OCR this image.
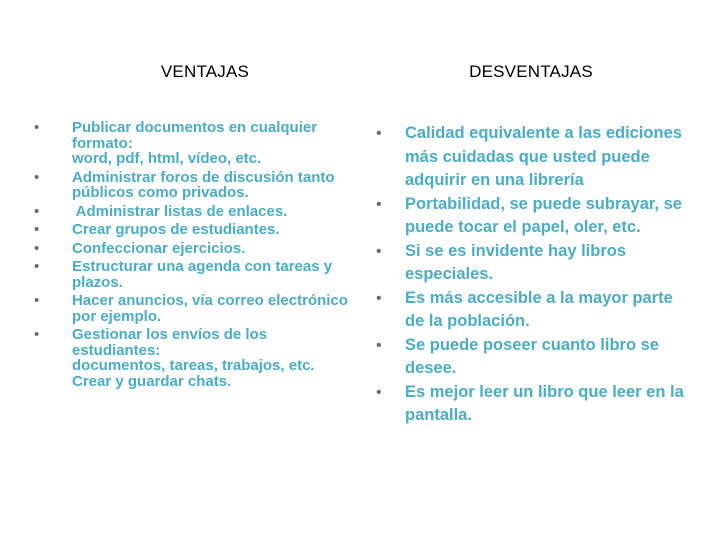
VENTAJAS	DESVENTAJAS
• Publicar documentos en cualquier formato:
word, pdf, html, vídeo, etc.
• Administrar foros de discusión tanto públicos como privados.
• Administrar listas de enlaces.
• Crear grupos de estudiantes.
• Confeccionar ejercicios.
• Estructurar una agenda con tareas y plazos.
• Hacer anuncios, vía correo electrónico por ejemplo.
• Gestionar los envíos de los estudiantes:
documentos, tareas, trabajos, etc.
Crear y guardar chats.
• Calidad equivalente a las ediciones más cuidadas que usted puede adquirir en una librería
• Portabilidad, se puede subrayar, se puede tocar el papel, oler, etc.
• Si se es invidente hay libros especiales.
• Es más accesible a la mayor parte de la población.
• Se puede poseer cuanto libro se desee.
• Es mejor leer un libro que leer en la pantalla.
